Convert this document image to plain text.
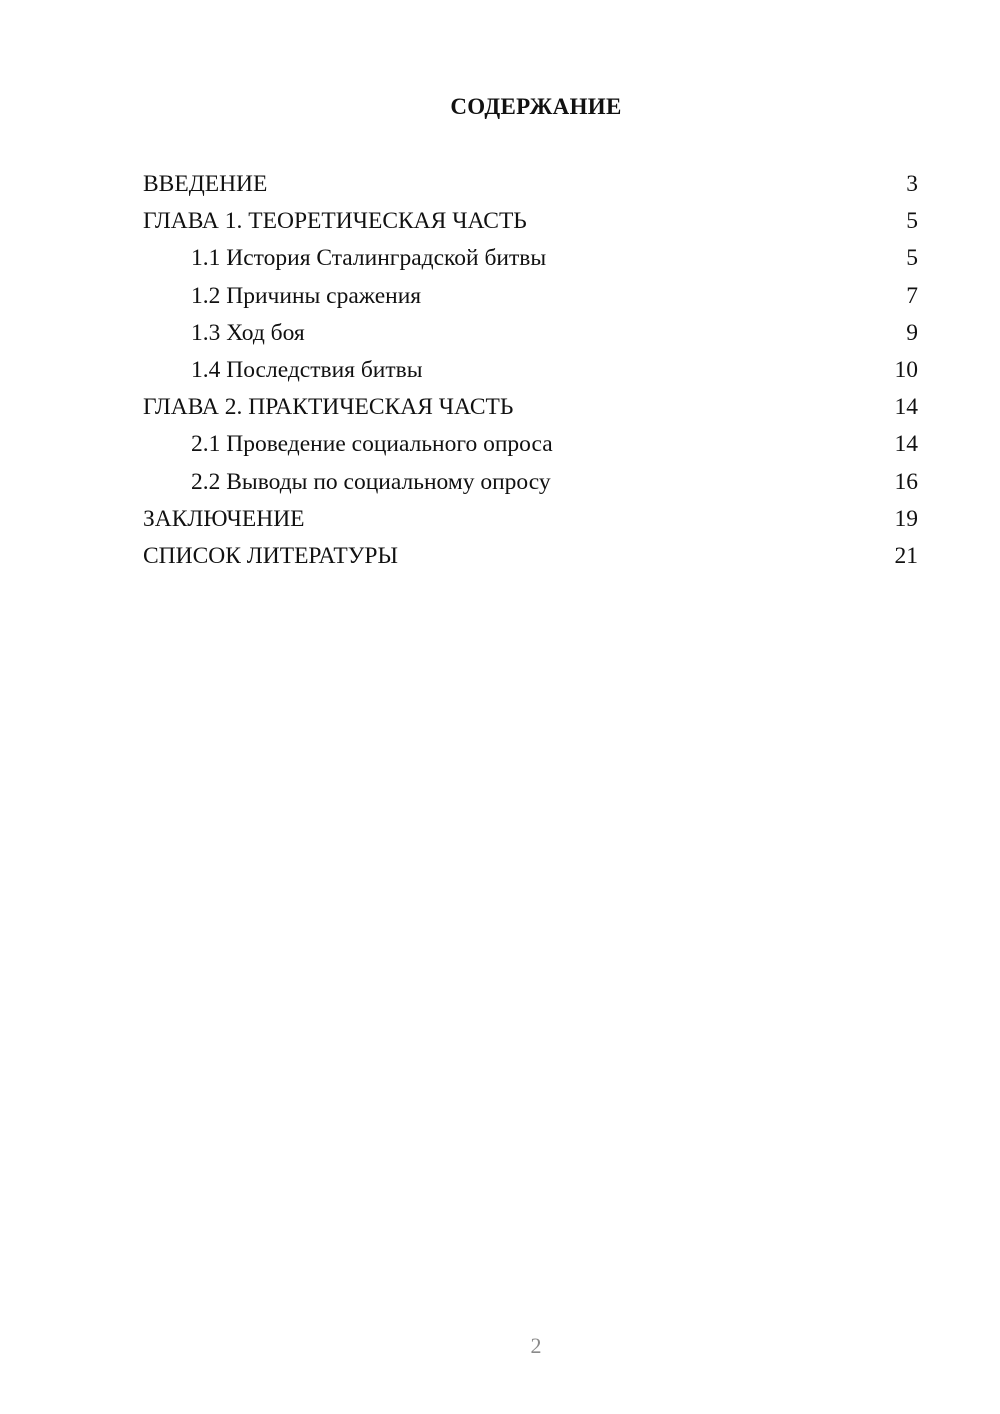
СОДЕРЖАНИЕ
ВВЕДЕНИЕ	3
ГЛАВА 1. ТЕОРЕТИЧЕСКАЯ ЧАСТЬ	5
1.1 История Сталинградской битвы	5
1.2 Причины сражения	7
1.3 Ход боя	9
1.4 Последствия битвы	10
ГЛАВА 2. ПРАКТИЧЕСКАЯ ЧАСТЬ	14
2.1 Проведение социального опроса	14
2.2 Выводы по социальному опросу	16
ЗАКЛЮЧЕНИЕ	19
СПИСОК ЛИТЕРАТУРЫ	21
2
